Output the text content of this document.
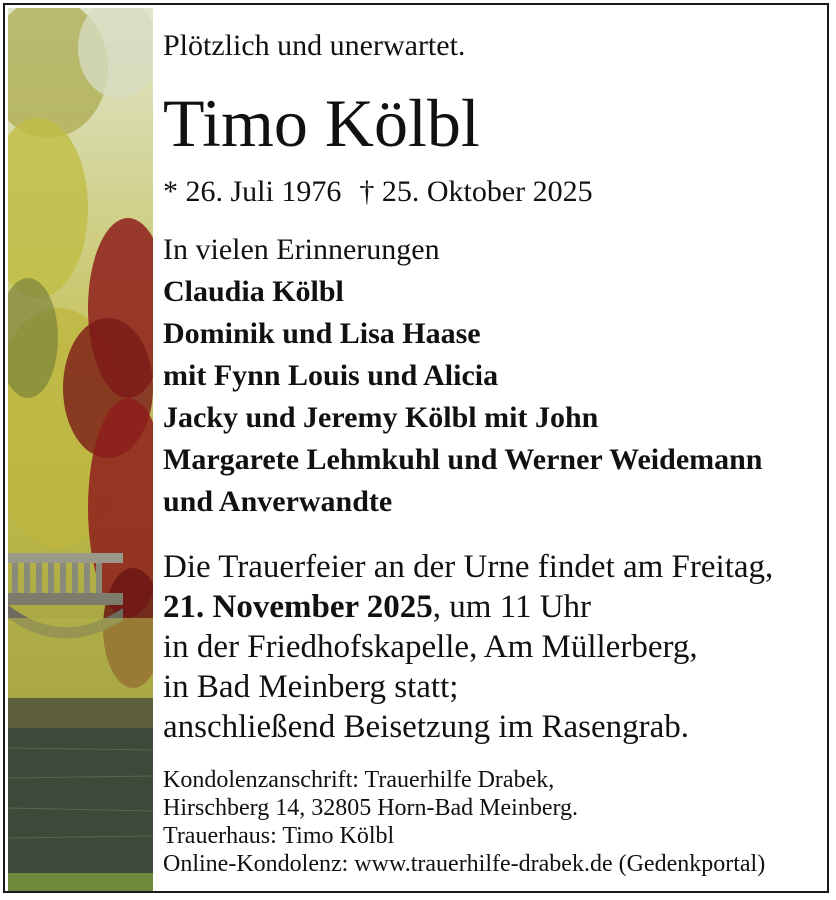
Plötzlich und unerwartet.
Timo Kölbl
* 26. Juli 1976 † 25. Oktober 2025
In vielen Erinnerungen
Claudia Kölbl
Dominik und Lisa Haase
mit Fynn Louis und Alicia
Jacky und Jeremy Kölbl mit John
Margarete Lehmkuhl und Werner Weidemann
und Anverwandte
Die Trauerfeier an der Urne findet am Freitag,
21. November 2025, um 11 Uhr
in der Friedhofskapelle, Am Müllerberg,
in Bad Meinberg statt;
anschließend Beisetzung im Rasengrab.
Kondolenzanschrift: Trauerhilfe Drabek,
Hirschberg 14, 32805 Horn-Bad Meinberg.
Trauerhaus: Timo Kölbl
Online-Kondolenz: www.trauerhilfe-drabek.de (Gedenkportal)
